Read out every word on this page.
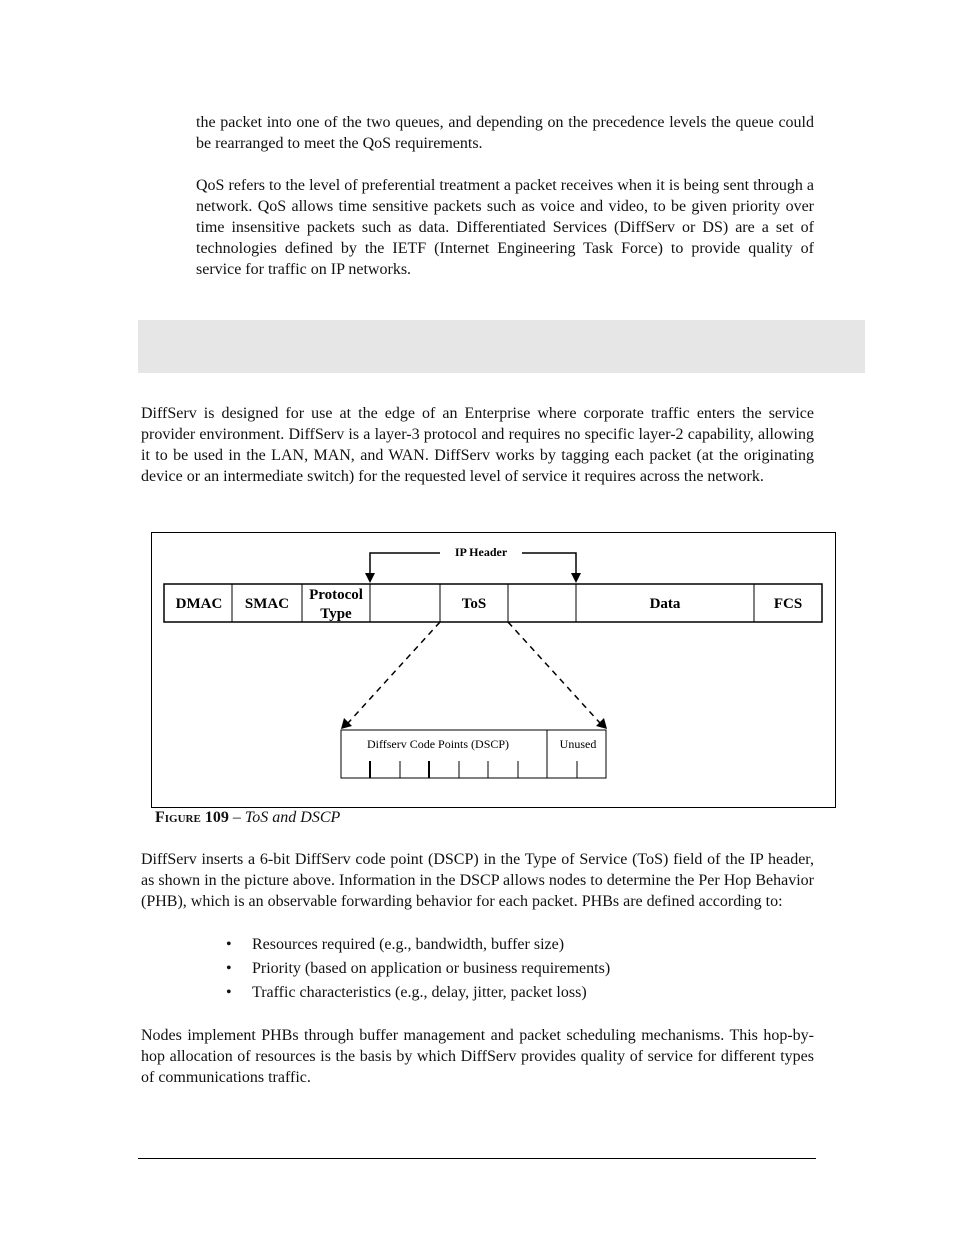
the packet into one of the two queues, and depending on the precedence levels the queue could be rearranged to meet the QoS requirements.

QoS refers to the level of preferential treatment a packet receives when it is being sent through a network. QoS allows time sensitive packets such as voice and video, to be given priority over time insensitive packets such as data. Differentiated Services (DiffServ or DS) are a set of technologies defined by the IETF (Internet Engineering Task Force) to provide quality of service for traffic on IP networks.

DiffServ is designed for use at the edge of an Enterprise where corporate traffic enters the service provider environment. DiffServ is a layer-3 protocol and requires no specific layer-2 capability, allowing it to be used in the LAN, MAN, and WAN. DiffServ works by tagging each packet (at the originating device or an intermediate switch) for the requested level of service it requires across the network.

IP Header
DMAC SMAC
Protocol
Type
ToS	Data	FCS
Diffserv Code Points (DSCP)	Unused
Figure 109 – ToS and DSCP

DiffServ inserts a 6-bit DiffServ code point (DSCP) in the Type of Service (ToS) field of the IP header, as shown in the picture above. Information in the DSCP allows nodes to determine the Per Hop Behavior (PHB), which is an observable forwarding behavior for each packet. PHBs are defined according to:

• Resources required (e.g., bandwidth, buffer size)
• Priority (based on application or business requirements)
• Traffic characteristics (e.g., delay, jitter, packet loss)

Nodes implement PHBs through buffer management and packet scheduling mechanisms. This hop-by-hop allocation of resources is the basis by which DiffServ provides quality of service for different types of communications traffic.
